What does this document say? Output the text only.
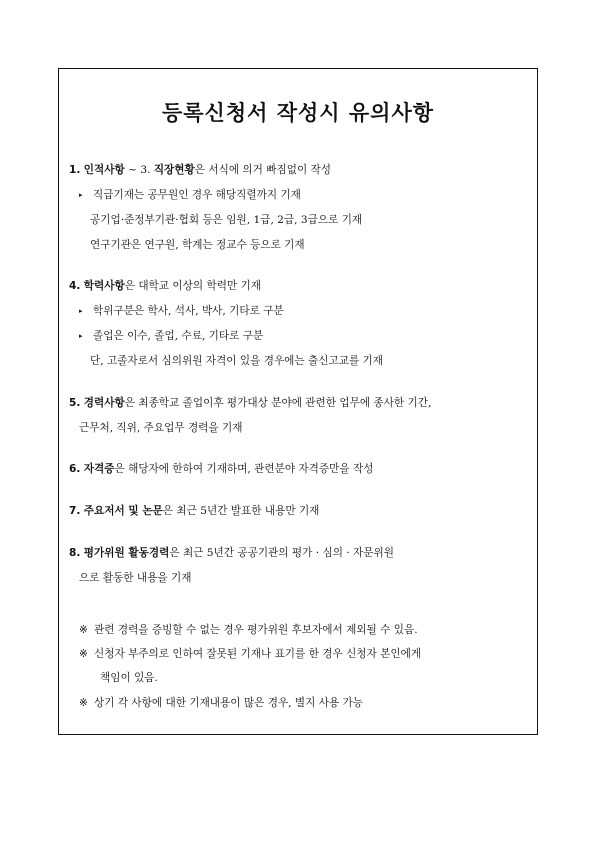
등록신청서 작성시 유의사항
1. 인적사항 ~ 3. 직장현황은 서식에 의거 빠짐없이 작성
▸ 직급기재는 공무원인 경우 해당직렬까지 기재
공기업·준정부기관·협회 등은 임원, 1급, 2급, 3급으로 기재
연구기관은 연구원, 학계는 정교수 등으로 기재
4. 학력사항은 대학교 이상의 학력만 기재
▸ 학위구분은 학사, 석사, 박사, 기타로 구분
▸ 졸업은 이수, 졸업, 수료, 기타로 구분
단, 고졸자로서 심의위원 자격이 있을 경우에는 출신고교를 기재
5. 경력사항은 최종학교 졸업이후 평가대상 분야에 관련한 업무에 종사한 기간,
근무처, 직위, 주요업무 경력을 기재
6. 자격증은 해당자에 한하여 기재하며, 관련분야 자격증만을 작성
7. 주요저서 및 논문은 최근 5년간 발표한 내용만 기재
8. 평가위원 활동경력은 최근 5년간 공공기관의 평가 · 심의 · 자문위원
으로 활동한 내용을 기재
※ 관련 경력을 증빙할 수 없는 경우 평가위원 후보자에서 제외될 수 있음.
※ 신청자 부주의로 인하여 잘못된 기재나 표기를 한 경우 신청자 본인에게
책임이 있음.
※ 상기 각 사항에 대한 기재내용이 많은 경우, 별지 사용 가능
